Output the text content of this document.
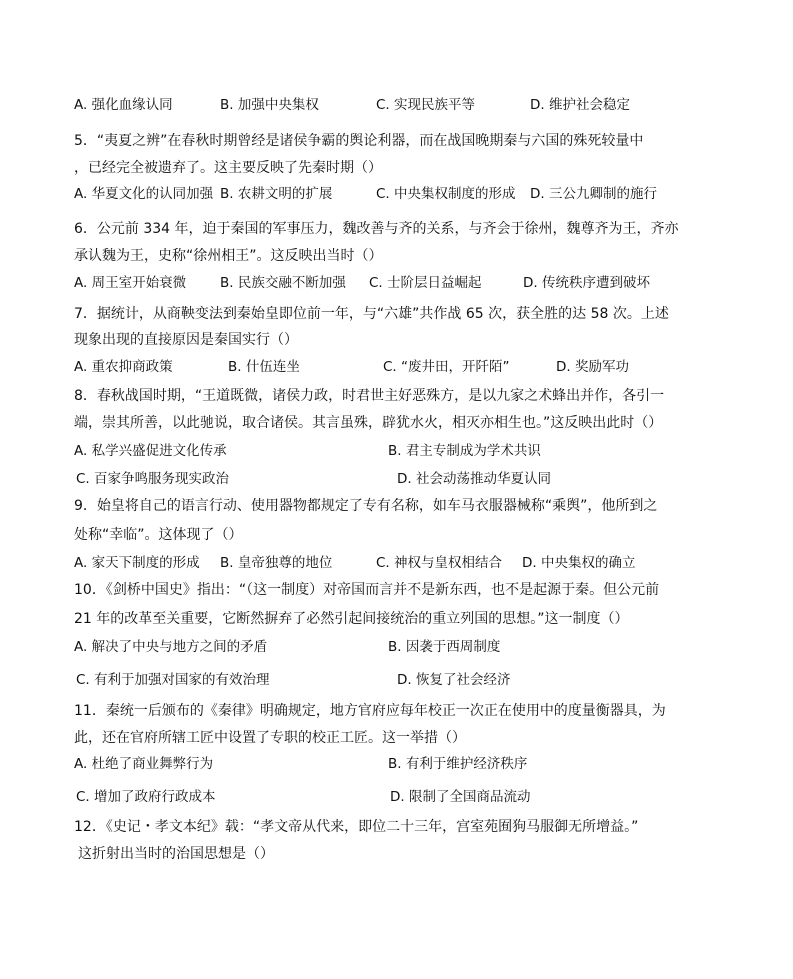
A. 强化血缘认同	B. 加强中央集权	C. 实现民族平等	D. 维护社会稳定
5．“夷夏之辨”在春秋时期曾经是诸侯争霸的舆论利器，而在战国晚期秦与六国的殊死较量中
，已经完全被遗弃了。这主要反映了先秦时期（）
A. 华夏文化的认同加强 B. 农耕文明的扩展	C. 中央集权制度的形成 D. 三公九卿制的施行
6．公元前 334 年，迫于秦国的军事压力，魏改善与齐的关系，与齐会于徐州，魏尊齐为王，齐亦
承认魏为王，史称“徐州相王”。这反映出当时（）
A. 周王室开始衰微	B. 民族交融不断加强 C. 士阶层日益崛起	D. 传统秩序遭到破坏
7．据统计，从商鞅变法到秦始皇即位前一年，与“六雄”共作战 65 次，获全胜的达 58 次。上述
现象出现的直接原因是秦国实行（）
A. 重农抑商政策	B. 什伍连坐	C. “废井田，开阡陌”	D. 奖励军功
8．春秋战国时期，“王道既微，诸侯力政，时君世主好恶殊方，是以九家之术蜂出并作，各引一
端，崇其所善，以此驰说，取合诸侯。其言虽殊，辟犹水火，相灭亦相生也。”这反映出此时（）
A. 私学兴盛促进文化传承	B. 君主专制成为学术共识
C. 百家争鸣服务现实政治	D. 社会动荡推动华夏认同
9．始皇将自己的语言行动、使用器物都规定了专有名称，如车马衣服器械称“乘舆”，他所到之
处称“幸临”。这体现了（）
A. 家天下制度的形成 B. 皇帝独尊的地位	C. 神权与皇权相结合 D. 中央集权的确立
10．《剑桥中国史》指出：“（这一制度）对帝国而言并不是新东西，也不是起源于秦。但公元前
21 年的改革至关重要，它断然摒弃了必然引起间接统治的重立列国的思想。”这一制度（）
A. 解决了中央与地方之间的矛盾	B. 因袭于西周制度
C. 有利于加强对国家的有效治理	D. 恢复了社会经济
11．秦统一后颁布的《秦律》明确规定，地方官府应每年校正一次正在使用中的度量衡器具，为
此，还在官府所辖工匠中设置了专职的校正工匠。这一举措（）
A. 杜绝了商业舞弊行为	B. 有利于维护经济秩序
C. 增加了政府行政成本	D. 限制了全国商品流动
12．《史记・孝文本纪》载：“孝文帝从代来，即位二十三年，宫室苑囿狗马服御无所增益。”
这折射出当时的治国思想是（）
